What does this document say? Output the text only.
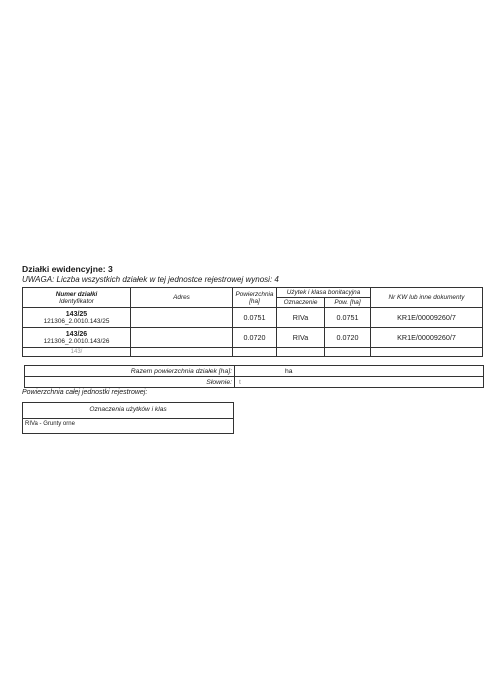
Działki ewidencyjne: 3
UWAGA: Liczba wszystkich działek w tej jednostce rejestrowej wynosi: 4
Numer działki
Identyfikator	Adres	Powierzchnia [ha]	Użytek i klasa bonitacyjna		Nr KW lub inne dokumenty
			Oznaczenie	Pow. [ha]	

143/25
121306_2.0010.143/25		0.0751	RIVa	0.0751	KR1E/00009260/7

143/26
121306_2.0010.143/26		0.0720	RIVa	0.0720	KR1E/00009260/7
143/					
Razem powierzchnia działek [ha]:	ha
Słownie:	t
Powierzchnia całej jednostki rejestrowej:
Oznaczenia użytków i klas
RIVa - Grunty orne
